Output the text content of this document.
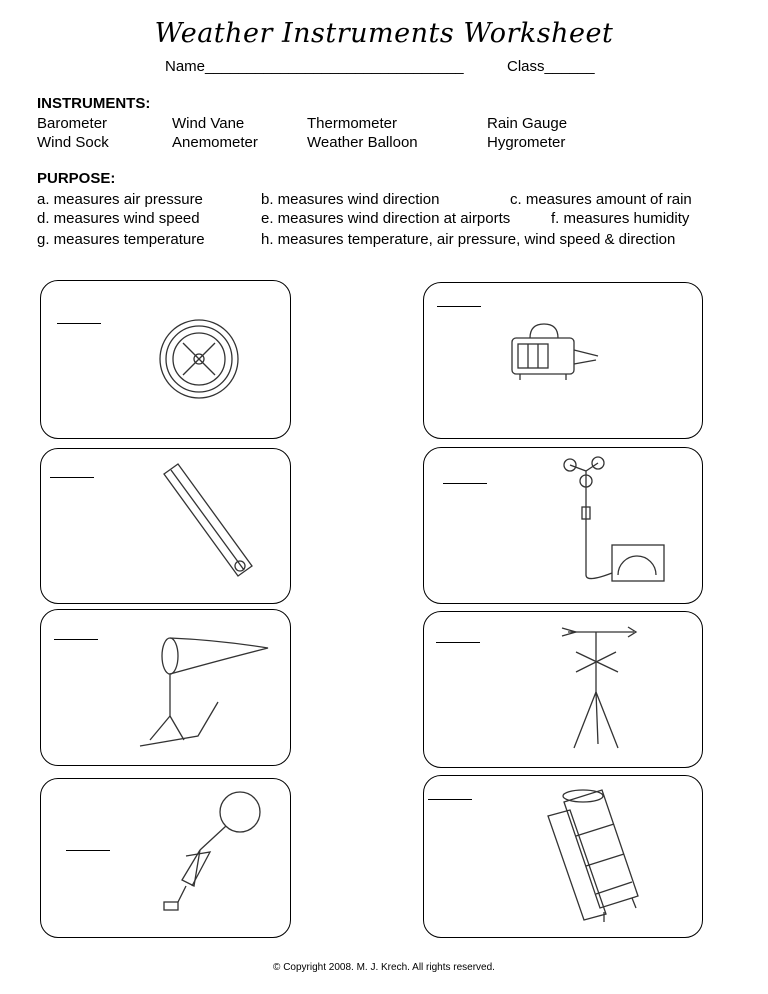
Weather Instruments Worksheet
Name_______________________________	Class______
INSTRUMENTS:
Barometer	Wind Vane	Thermometer	Rain Gauge
Wind Sock	Anemometer	Weather Balloon	Hygrometer
PURPOSE:
a. measures air pressure	b. measures wind direction	c. measures amount of rain
d. measures wind speed	e. measures wind direction at airports	f. measures humidity
g. measures temperature	h. measures temperature, air pressure, wind speed & direction
© Copyright 2008. M. J. Krech. All rights reserved.
